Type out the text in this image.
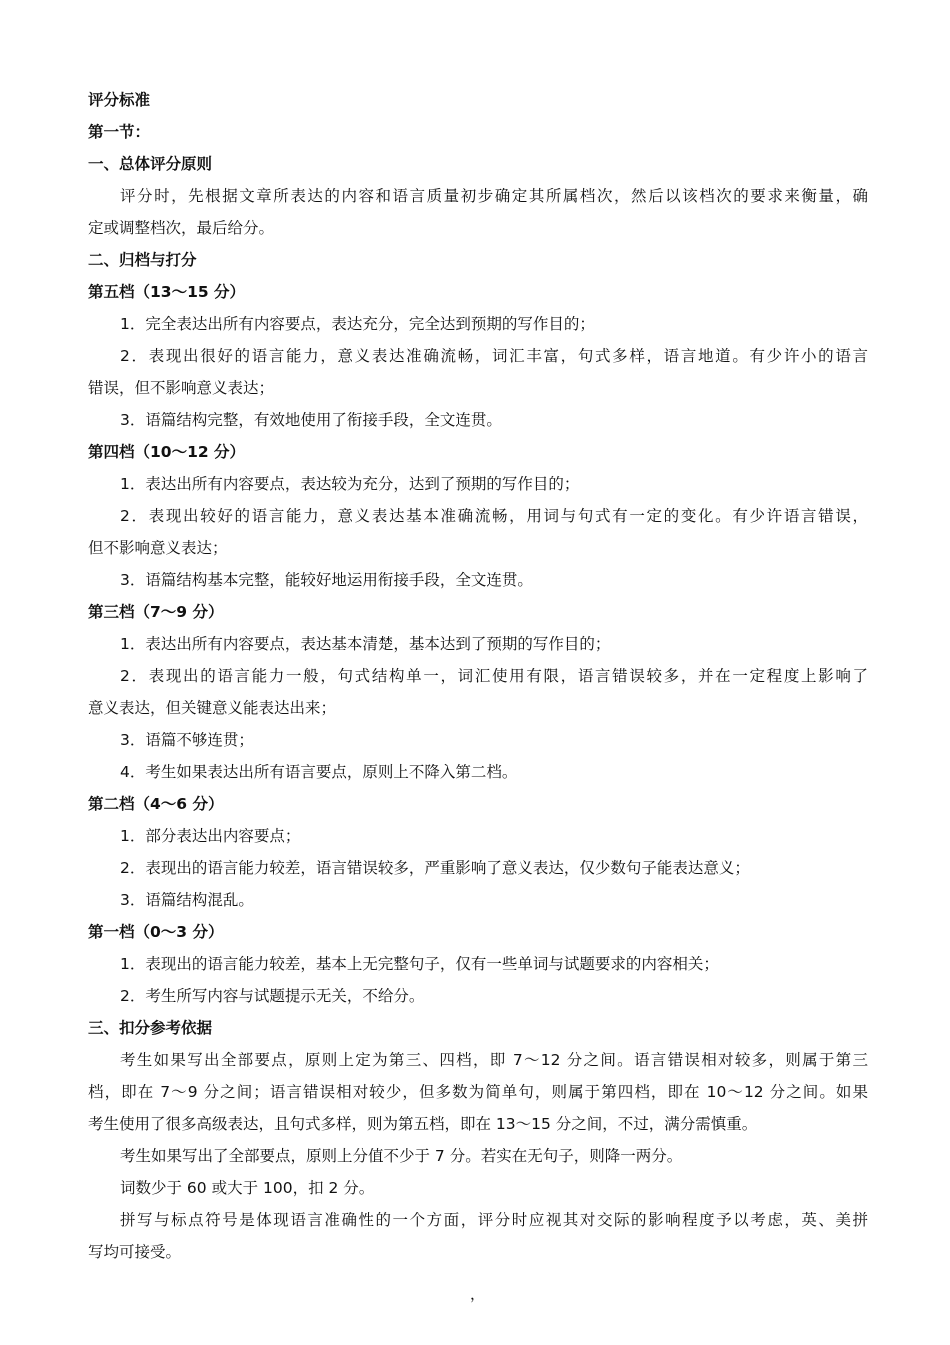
评分标准
第一节：
一、总体评分原则
评分时，先根据文章所表达的内容和语言质量初步确定其所属档次，然后以该档次的要求来衡量，确
定或调整档次，最后给分。
二、归档与打分
第五档（13～15 分）
1．完全表达出所有内容要点，表达充分，完全达到预期的写作目的；
2．表现出很好的语言能力，意义表达准确流畅，词汇丰富，句式多样，语言地道。有少许小的语言
错误，但不影响意义表达；
3．语篇结构完整，有效地使用了衔接手段，全文连贯。
第四档（10～12 分）
1．表达出所有内容要点，表达较为充分，达到了预期的写作目的；
2．表现出较好的语言能力，意义表达基本准确流畅，用词与句式有一定的变化。有少许语言错误，
但不影响意义表达；
3．语篇结构基本完整，能较好地运用衔接手段，全文连贯。
第三档（7～9 分）
1．表达出所有内容要点，表达基本清楚，基本达到了预期的写作目的；
2．表现出的语言能力一般，句式结构单一，词汇使用有限，语言错误较多，并在一定程度上影响了
意义表达，但关键意义能表达出来；
3．语篇不够连贯；
4．考生如果表达出所有语言要点，原则上不降入第二档。
第二档（4～6 分）
1．部分表达出内容要点；
2．表现出的语言能力较差，语言错误较多，严重影响了意义表达，仅少数句子能表达意义；
3．语篇结构混乱。
第一档（0～3 分）
1．表现出的语言能力较差，基本上无完整句子，仅有一些单词与试题要求的内容相关；
2．考生所写内容与试题提示无关，不给分。
三、扣分参考依据
考生如果写出全部要点，原则上定为第三、四档，即 7～12 分之间。语言错误相对较多，则属于第三
档，即在 7～9 分之间；语言错误相对较少，但多数为简单句，则属于第四档，即在 10～12 分之间。如果
考生使用了很多高级表达，且句式多样，则为第五档，即在 13～15 分之间，不过，满分需慎重。
考生如果写出了全部要点，原则上分值不少于 7 分。若实在无句子，则降一两分。
词数少于 60 或大于 100，扣 2 分。
拼写与标点符号是体现语言准确性的一个方面，评分时应视其对交际的影响程度予以考虑，英、美拼
写均可接受。
，
